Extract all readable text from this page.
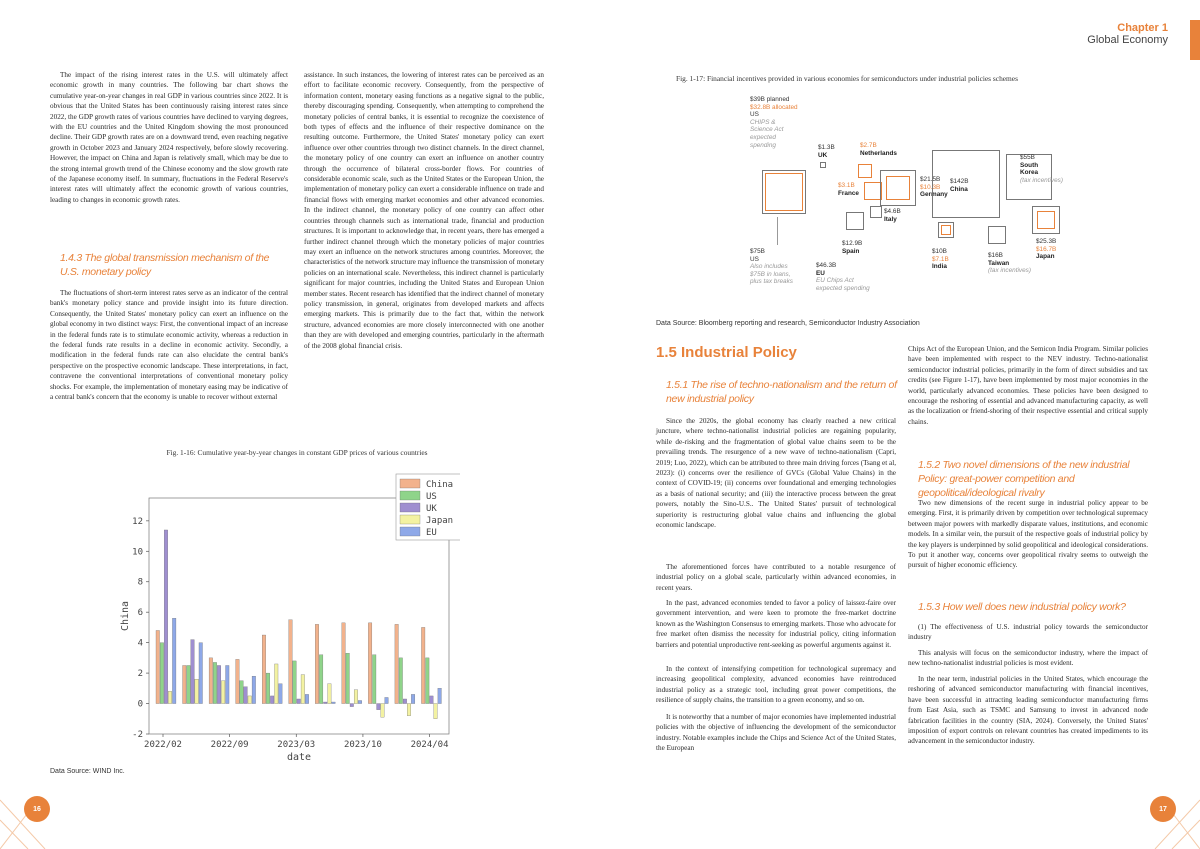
Chapter 1
Global Economy
The impact of the rising interest rates in the U.S. will ultimately affect economic growth in many countries. The following bar chart shows the cumulative year-on-year changes in real GDP in various countries since 2022. It is obvious that the United States has been continuously raising interest rates since 2022, the GDP growth rates of various countries have declined to varying degrees, with the EU countries and the United Kingdom showing the most pronounced decline. Their GDP growth rates are on a downward trend, even reaching negative growth in October 2023 and January 2024 respectively, before slowly recovering. However, the impact on China and Japan is relatively small, which may be due to the strong internal growth trend of the Chinese economy and the slow growth rate of the Japanese economy itself. In summary, fluctuations in the Federal Reserve's interest rates will ultimately affect the economic growth of various countries, leading to changes in economic growth rates.
1.4.3 The global transmission mechanism of the U.S. monetary policy
The fluctuations of short-term interest rates serve as an indicator of the central bank's monetary policy stance and provide insight into its future direction. Consequently, the United States' monetary policy can exert an influence on the global economy in two distinct ways: First, the conventional impact of an increase in the federal funds rate is to stimulate economic activity, whereas a reduction in the federal funds rate results in a decline in economic activity. Secondly, a modification in the federal funds rate can also elucidate the central bank's perspective on the prospective economic landscape. These interpretations, in fact, contravene the conventional interpretations of conventional monetary policy shocks. For example, the implementation of monetary easing may be indicative of a central bank's concern that the economy is unable to recover without external
assistance. In such instances, the lowering of interest rates can be perceived as an effort to facilitate economic recovery. Consequently, from the perspective of information content, monetary easing functions as a negative signal to the public, thereby discouraging spending. Consequently, when attempting to comprehend the monetary policies of central banks, it is essential to recognize the coexistence of both types of effects and the influence of their respective dominance on the resulting outcome. Furthermore, the United States' monetary policy can exert influence over other countries through two distinct channels. In the direct channel, the monetary policy of one country can exert an influence on another country through the occurrence of bilateral cross-border flows. For countries of considerable economic scale, such as the United States or the European Union, the implementation of monetary policy can exert a considerable influence on trade and financial flows with emerging market economies and other advanced economies. In the indirect channel, the monetary policy of one country can affect other countries through channels such as international trade, financial and production structures. It is important to acknowledge that, in recent years, there has emerged a further indirect channel through which the monetary policies of major countries may exert an influence on the network structures among countries. Moreover, the characteristics of the network structure may influence the transmission of monetary policies on an international scale. Nevertheless, this indirect channel is particularly significant for major countries, including the United States and European Union member states. Recent research has identified that the indirect channel of monetary policy transmission, in general, originates from developed markets and affects emerging markets. This is primarily due to the fact that, within the network structure, advanced economies are more closely interconnected with one another than they are with developed and emerging countries, particularly in the aftermath of the 2008 global financial crisis.
Fig. 1-16: Cumulative year-by-year changes in constant GDP prices of various countries
12
10
8
6
4
2
0
-2
2022/02	2022/09	2023/03	2023/10	2024/04
China
US
UK
Japan
EU
China
date
Data Source: WIND Inc.
16
Fig. 1-17: Financial incentives provided in various economies for semiconductors under industrial policies schemes
$39B planned
$32.8B allocated
US
CHIPS &
Science Act
expected
spending
$75B
US
Also includes
$75B in loans,
plus tax breaks
$1.3B
UK
$2.7B
Netherlands
$3.1B
France
$21.5B
$10.3B
Germany
$4.6B
Italy
$12.9B
Spain
$46.3B
EU
EU Chips Act
expected spending
$142B
China
$55B
South
Korea
(tax incentives)
$10B
$7.1B
India
$16B
Taiwan
(tax incentives)
$25.3B
$16.7B
Japan
Data Source: Bloomberg reporting and research, Semiconductor Industry Association
1.5 Industrial Policy
1.5.1 The rise of techno-nationalism and the return of new industrial policy
Since the 2020s, the global economy has clearly reached a new critical juncture, where techno-nationalist industrial policies are regaining popularity, while de-risking and the fragmentation of global value chains seem to be the prevailing trends. The resurgence of a new wave of techno-nationalism (Capri, 2019; Luo, 2022), which can be attributed to three main driving forces (Tsang et al, 2023): (i) concerns over the resilience of GVCs (Global Value Chains) in the context of COVID-19; (ii) concerns over foundational and emerging technologies as a basis of national security; and (iii) the interactive process between the great powers, notably the Sino-U.S.. The United States' pursuit of technological superiority is restructuring global value chains and influencing the global economic landscape.
The aforementioned forces have contributed to a notable resurgence of industrial policy on a global scale, particularly within advanced economies, in recent years.
In the past, advanced economies tended to favor a policy of laissez-faire over government intervention, and were keen to promote the free-market doctrine known as the Washington Consensus to emerging markets. Those who advocate for free market often dismiss the necessity for industrial policy, citing information barriers and potential unproductive rent-seeking as powerful arguments against it.
In the context of intensifying competition for technological supremacy and increasing geopolitical complexity, advanced economies have reintroduced industrial policy as a strategic tool, including great power competitions, the resilience of supply chains, the transition to a green economy, and so on.
It is noteworthy that a number of major economies have implemented industrial policies with the objective of influencing the development of the semiconductor industry. Notable examples include the Chips and Science Act of the United States, the European
Chips Act of the European Union, and the Semicon India Program. Similar policies have been implemented with respect to the NEV industry. Techno-nationalist semiconductor industrial policies, primarily in the form of direct subsidies and tax credits (see Figure 1-17), have been implemented by most major economies in the world, particularly advanced economies. These policies have been designed to encourage the reshoring of essential and advanced manufacturing capacity, as well as the localization or friend-shoring of their respective essential and critical supply chains.
1.5.2 Two novel dimensions of the new industrial Policy: great-power competition and geopolitical/ideological rivalry
Two new dimensions of the recent surge in industrial policy appear to be emerging. First, it is primarily driven by competition over technological supremacy between major powers with markedly disparate values, institutions, and economic models. In a similar vein, the pursuit of the respective goals of industrial policy by the key players is underpinned by solid geopolitical and ideological considerations. To put it another way, concerns over geopolitical rivalry seems to outweigh the pursuit of higher economic efficiency.
1.5.3 How well does new industrial policy work?
(1) The effectiveness of U.S. industrial policy towards the semiconductor industry
This analysis will focus on the semiconductor industry, where the impact of new techno-nationalist industrial policies is most evident.
In the near term, industrial policies in the United States, which encourage the reshoring of advanced semiconductor manufacturing with financial incentives, have been successful in attracting leading semiconductor manufacturing firms from East Asia, such as TSMC and Samsung to invest in advanced node fabrication facilities in the country (SIA, 2024). Conversely, the United States' imposition of export controls on relevant countries has created impediments to its advancement in the semiconductor industry.
17
